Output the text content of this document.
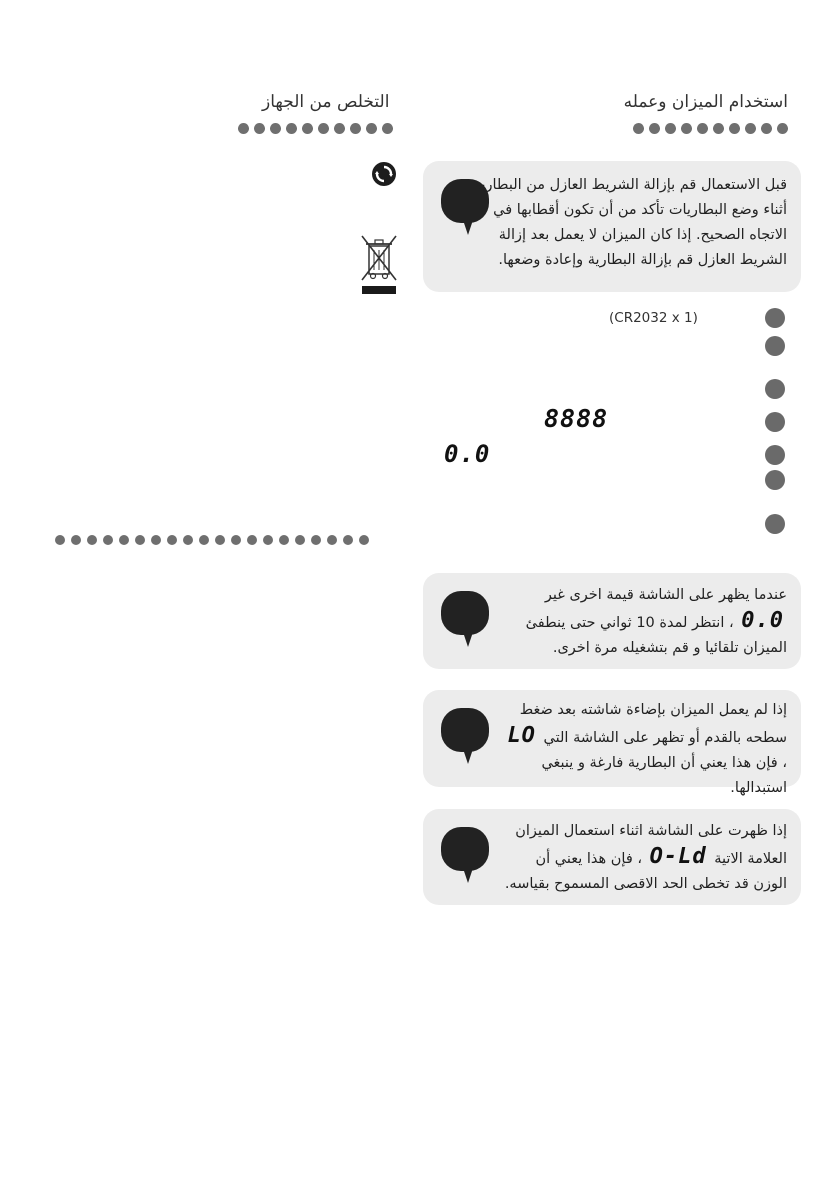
استخدام الميزان وعمله
التخلص من الجهاز
قبل الاستعمال قم بإزالة الشريط العازل من البطارية. أثناء وضع البطاريات تأكد من أن تكون أقطابها في الاتجاه الصحيح. إذا كان الميزان لا يعمل بعد إزالة الشريط العازل قم بإزالة البطارية وإعادة وضعها.
(CR2032 x 1)
8888
0.0
عندما يظهر على الشاشة قيمة اخرى غير 0.0 ، انتظر لمدة 10 ثواني حتى ينطفئ الميزان تلقائيا و قم بتشغيله مرة اخرى.
إذا لم يعمل الميزان بإضاءة شاشته بعد ضغط سطحه بالقدم أو تظهر على الشاشة التي LO ، فإن هذا يعني أن البطارية فارغة و ينبغي استبدالها.
إذا ظهرت على الشاشة اثناء استعمال الميزان العلامة الاتية O-Ld ، فإن هذا يعني أن الوزن قد تخطى الحد الاقصى المسموح بقياسه.
